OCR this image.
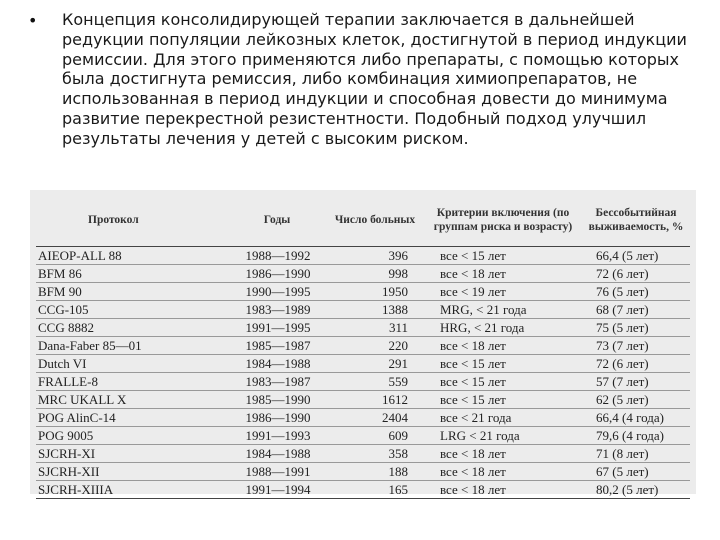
• Концепция консолидирующей терапии заключается в дальнейшей редукции популяции лейкозных клеток, достигнутой в период индукции ремиссии. Для этого применяются либо препараты, с помощью которых была достигнута ремиссия, либо комбинация химиопрепаратов, не использованная в период индукции и способная довести до минимума развитие перекрестной резистентности. Подобный подход улучшил результаты лечения у детей с высоким риском.
Протокол	Годы	Число больных	Критерии включения (по группам риска и возрасту)	Бессобытийная выживаемость, %
AIEOP-ALL 88	1988—1992	396	все < 15 лет	66,4 (5 лет)
BFM 86	1986—1990	998	все < 18 лет	72 (6 лет)
BFM 90	1990—1995	1950	все < 19 лет	76 (5 лет)
CCG-105	1983—1989	1388	MRG, < 21 года	68 (7 лет)
CCG 8882	1991—1995	311	HRG, < 21 года	75 (5 лет)
Dana-Faber 85—01	1985—1987	220	все < 18 лет	73 (7 лет)
Dutch VI	1984—1988	291	все < 15 лет	72 (6 лет)
FRALLE-8	1983—1987	559	все < 15 лет	57 (7 лет)
MRC UKALL X	1985—1990	1612	все < 15 лет	62 (5 лет)
POG AlinC-14	1986—1990	2404	все < 21 года	66,4 (4 года)
POG 9005	1991—1993	609	LRG < 21 года	79,6 (4 года)
SJCRH-XI	1984—1988	358	все < 18 лет	71 (8 лет)
SJCRH-XII	1988—1991	188	все < 18 лет	67 (5 лет)
SJCRH-XIIIA	1991—1994	165	все < 18 лет	80,2 (5 лет)
